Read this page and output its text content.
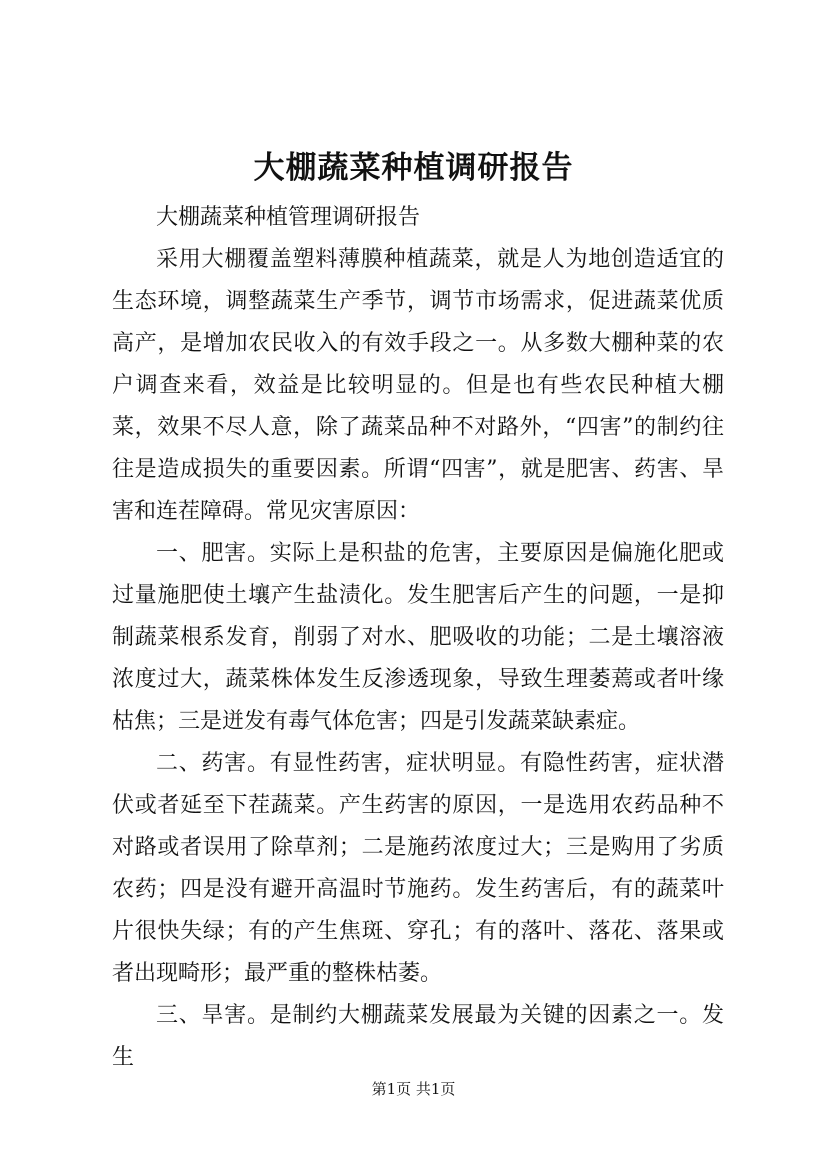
大棚蔬菜种植调研报告

大棚蔬菜种植管理调研报告

采用大棚覆盖塑料薄膜种植蔬菜，就是人为地创造适宜的生态环境，调整蔬菜生产季节，调节市场需求，促进蔬菜优质高产，是增加农民收入的有效手段之一。从多数大棚种菜的农户调查来看，效益是比较明显的。但是也有些农民种植大棚菜，效果不尽人意，除了蔬菜品种不对路外，“四害”的制约往往是造成损失的重要因素。所谓“四害”，就是肥害、药害、旱害和连茬障碍。常见灾害原因：

一、肥害。实际上是积盐的危害，主要原因是偏施化肥或过量施肥使土壤产生盐渍化。发生肥害后产生的问题，一是抑制蔬菜根系发育，削弱了对水、肥吸收的功能；二是土壤溶液浓度过大，蔬菜株体发生反渗透现象，导致生理萎蔫或者叶缘枯焦；三是迸发有毒气体危害；四是引发蔬菜缺素症。

二、药害。有显性药害，症状明显。有隐性药害，症状潜伏或者延至下茬蔬菜。产生药害的原因，一是选用农药品种不对路或者误用了除草剂；二是施药浓度过大；三是购用了劣质农药；四是没有避开高温时节施药。发生药害后，有的蔬菜叶片很快失绿；有的产生焦斑、穿孔；有的落叶、落花、落果或者出现畸形；最严重的整株枯萎。

三、旱害。是制约大棚蔬菜发展最为关键的因素之一。发生

第1页 共1页
